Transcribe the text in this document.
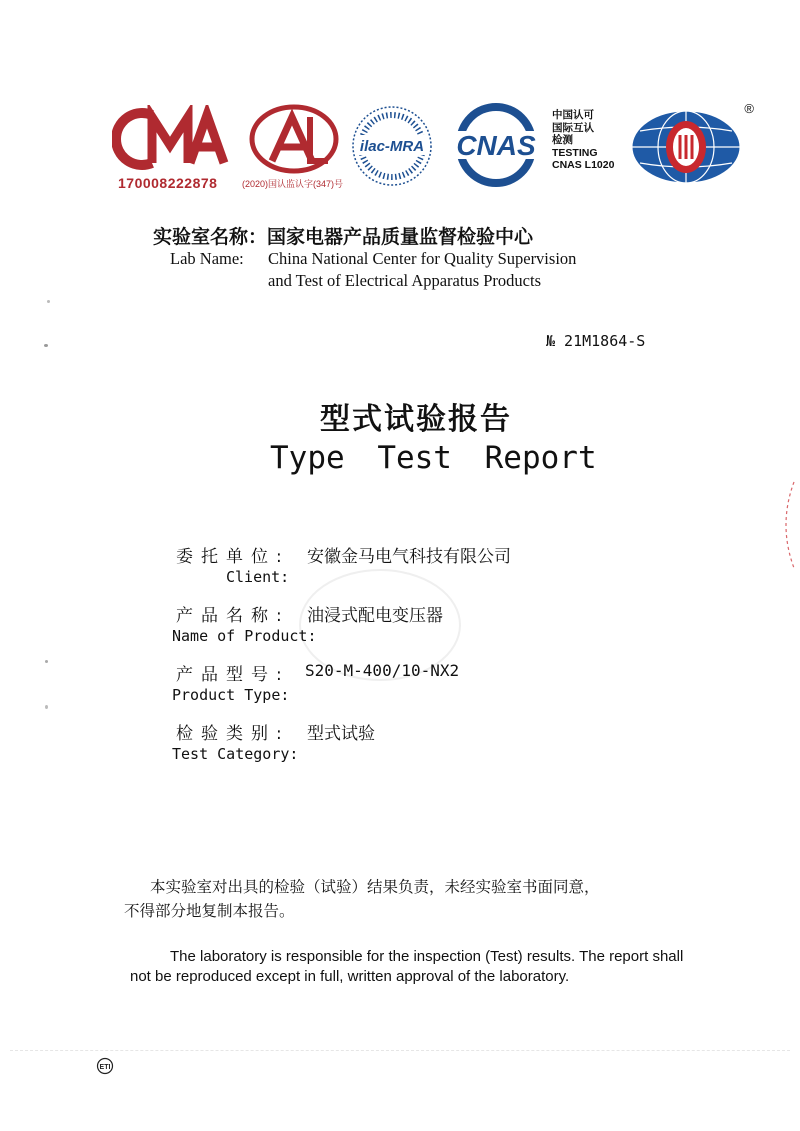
170008222878	(2020)国认监认字(347)号
ilac-MRA CNAS
中国认可
国际互认
检测
TESTING
CNAS L1020
®
实验室名称：国家电器产品质量监督检验中心
Lab Name: China National Center for Quality Supervision
and Test of Electrical Apparatus Products
№ 21M1864-S
型式试验报告
Type Test Report
委托单位:
Client:
安徽金马电气科技有限公司
产品名称:
Name of Product:
油浸式配电变压器
产品型号:
Product Type:
S20-M-400/10-NX2
检验类别:
Test Category:
型式试验
本实验室对出具的检验（试验）结果负责，未经实验室书面同意，
不得部分地复制本报告。
The laboratory is responsible for the inspection (Test) results. The report shall
not be reproduced except in full, written approval of the laboratory.
ETI
